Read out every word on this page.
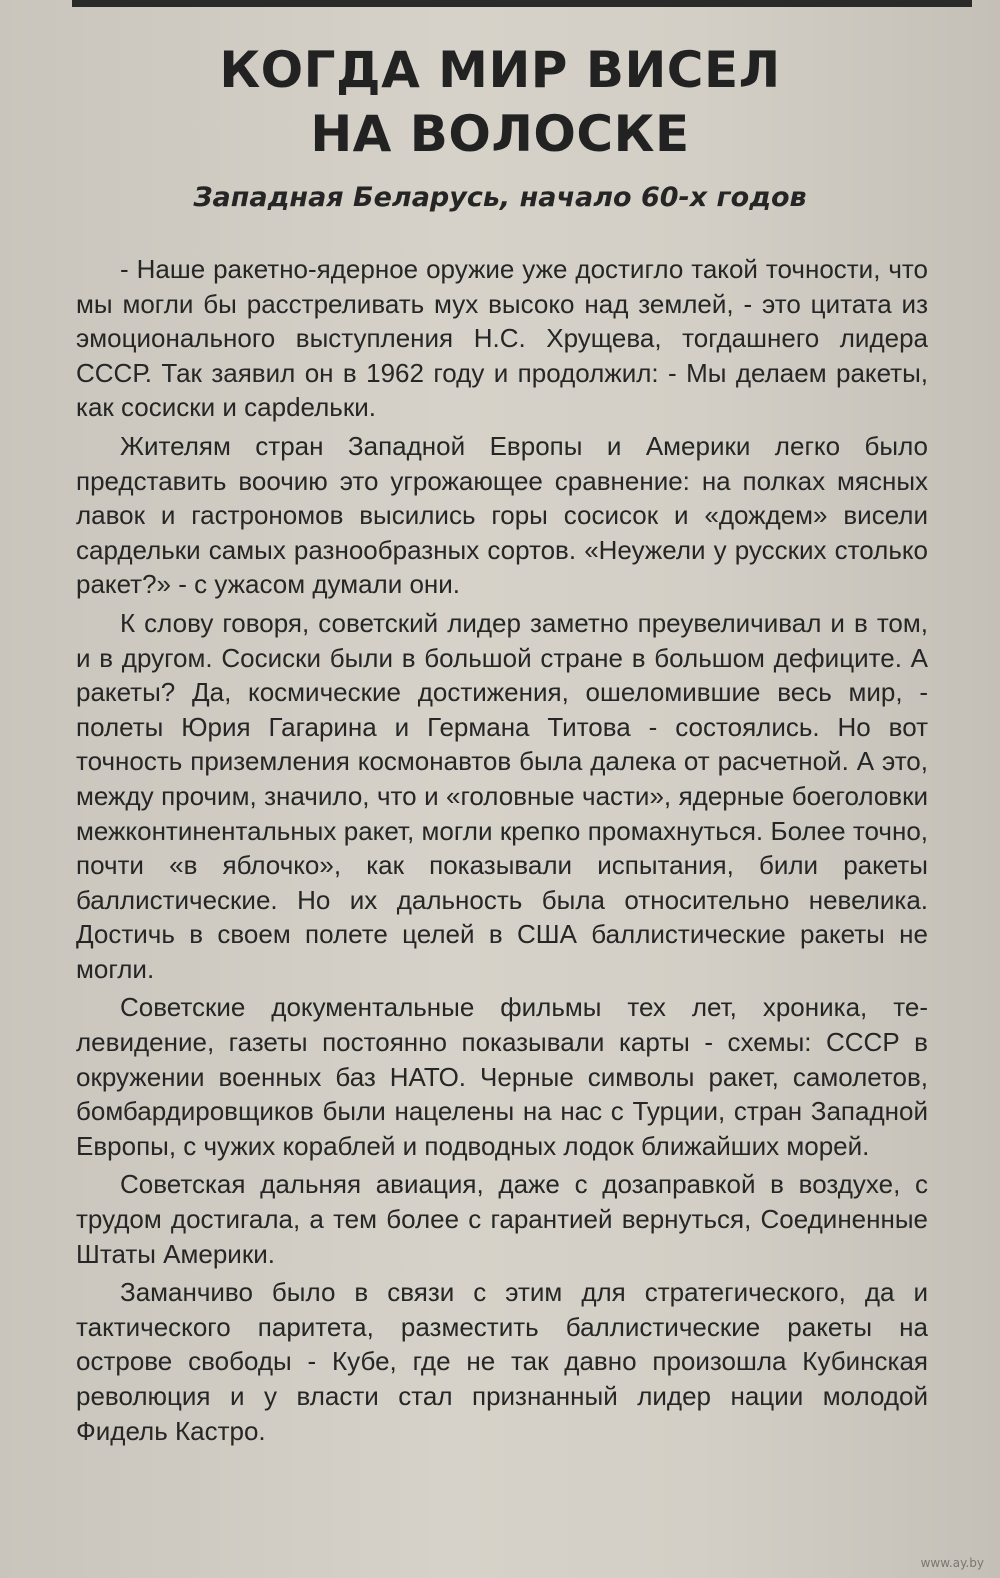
КОГДА МИР ВИСЕЛ
НА ВОЛОСКЕ
Западная Беларусь, начало 60-х годов

- Наше ракетно-ядерное оружие уже достигло такой точности, что мы могли бы расстреливать мух высоко над землей, - это цитата из эмоционального выступления Н.С. Хрущева, тогдашнего лидера СССР. Так заявил он в 1962 году и продолжил: - Мы делаем ракеты, как сосиски и сарdельки.

Жителям стран Западной Европы и Америки легко было представить воочию это угрожающее сравнение: на полках мясных лавок и гастрономов высились горы сосисок и «дождем» висели сардельки самых разнообразных сортов. «Неужели у русских столько ракет?» - с ужасом думали они.

К слову говоря, советский лидер заметно преувеличивал и в том, и в другом. Сосиски были в большой стране в большом дефиците. А ракеты? Да, космические достижения, ошеломившие весь мир, - полеты Юрия Гагарина и Германа Титова - состоялись. Но вот точность приземления космонавтов была далека от расчетной. А это, между прочим, значило, что и «головные части», ядерные боеголовки межконтинентальных ракет, могли крепко промахнуться. Более точно, почти «в яблочко», как показывали испытания, били ракеты баллистические. Но их дальность была относительно невелика. Достичь в своем полете целей в США баллистические ракеты не могли.

Советские документальные фильмы тех лет, хроника, телевидение, газеты постоянно показывали карты - схемы: СССР в окружении военных баз НАТО. Черные символы ракет, самолетов, бомбардировщиков были нацелены на нас с Турции, стран Западной Европы, с чужих кораблей и подводных лодок ближайших морей.

Советская дальняя авиация, даже с дозаправкой в воздухе, с трудом достигала, а тем более с гарантией вернуться, Соединенные Штаты Америки.

Заманчиво было в связи с этим для стратегического, да и тактического паритета, разместить баллистические ракеты на острове свободы - Кубе, где не так давно произошла Кубинская революция и у власти стал признанный лидер нации молодой Фидель Кастро.

www.ay.by
